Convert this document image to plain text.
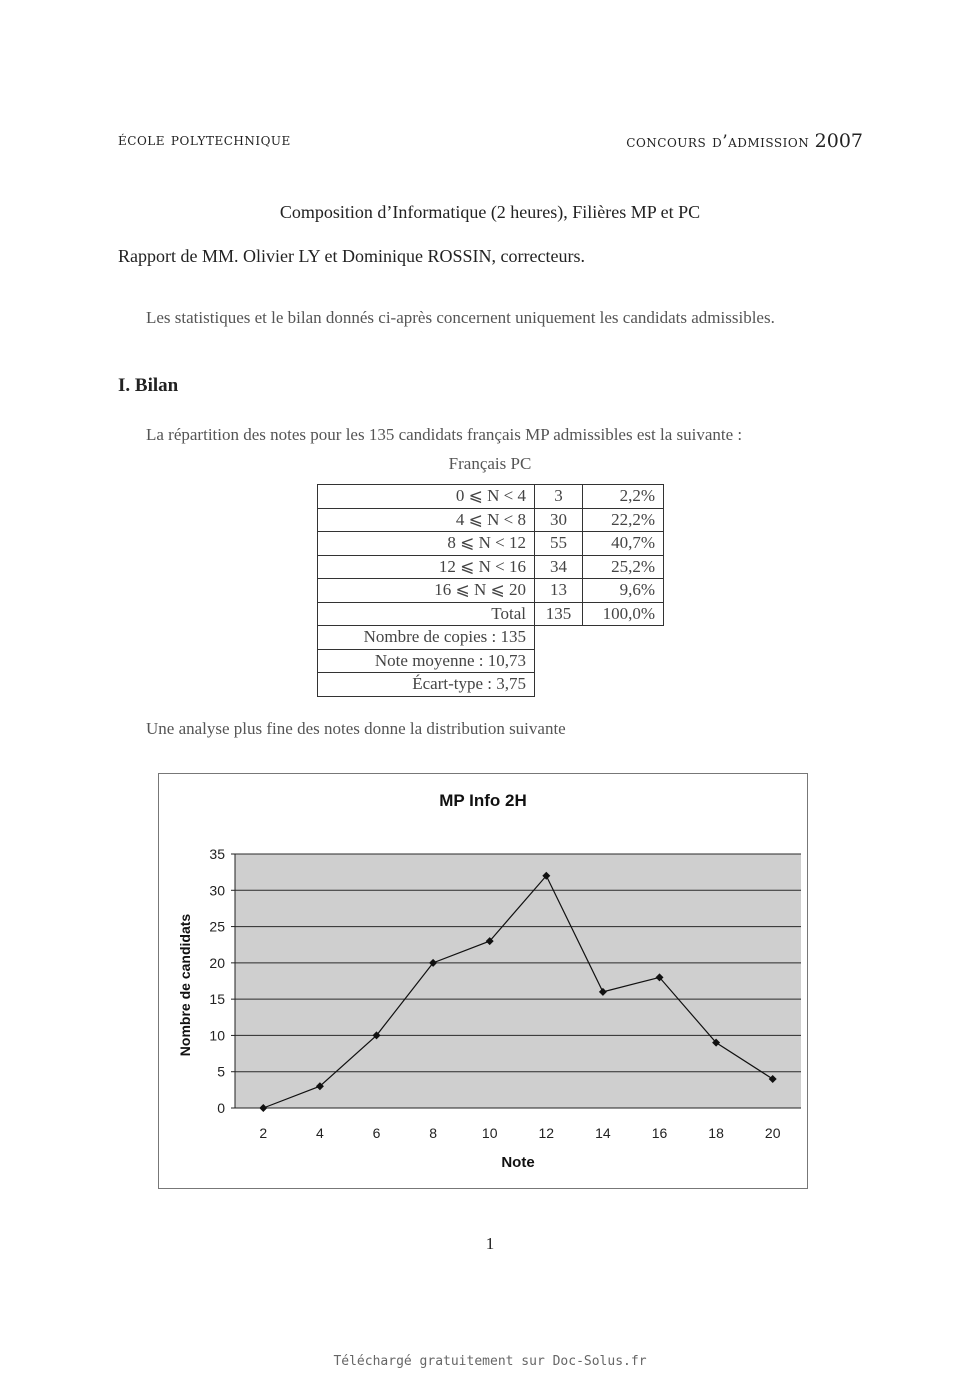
école polytechnique	concours d’admission 2007
Composition d’Informatique (2 heures), Filières MP et PC
Rapport de MM. Olivier LY et Dominique ROSSIN, correcteurs.
Les statistiques et le bilan donnés ci-après concernent uniquement les candidats admissibles.
I. Bilan
La répartition des notes pour les 135 candidats français MP admissibles est la suivante :
Français PC
0 ⩽ N < 4	3	2,2%
4 ⩽ N < 8	30	22,2%
8 ⩽ N < 12	55	40,7%
12 ⩽ N < 16	34	25,2%
16 ⩽ N ⩽ 20	13	9,6%
Total	135	100,0%
Nombre de copies : 135		
Note moyenne : 10,73		
Écart-type : 3,75		
Une analyse plus fine des notes donne la distribution suivante
0
5
10
15
20
25
30
35
2	4	6	8	10	12	14	16	18	20
MP Info 2H
Note
Nombre de candidats
1
Téléchargé gratuitement sur Doc-Solus.fr
